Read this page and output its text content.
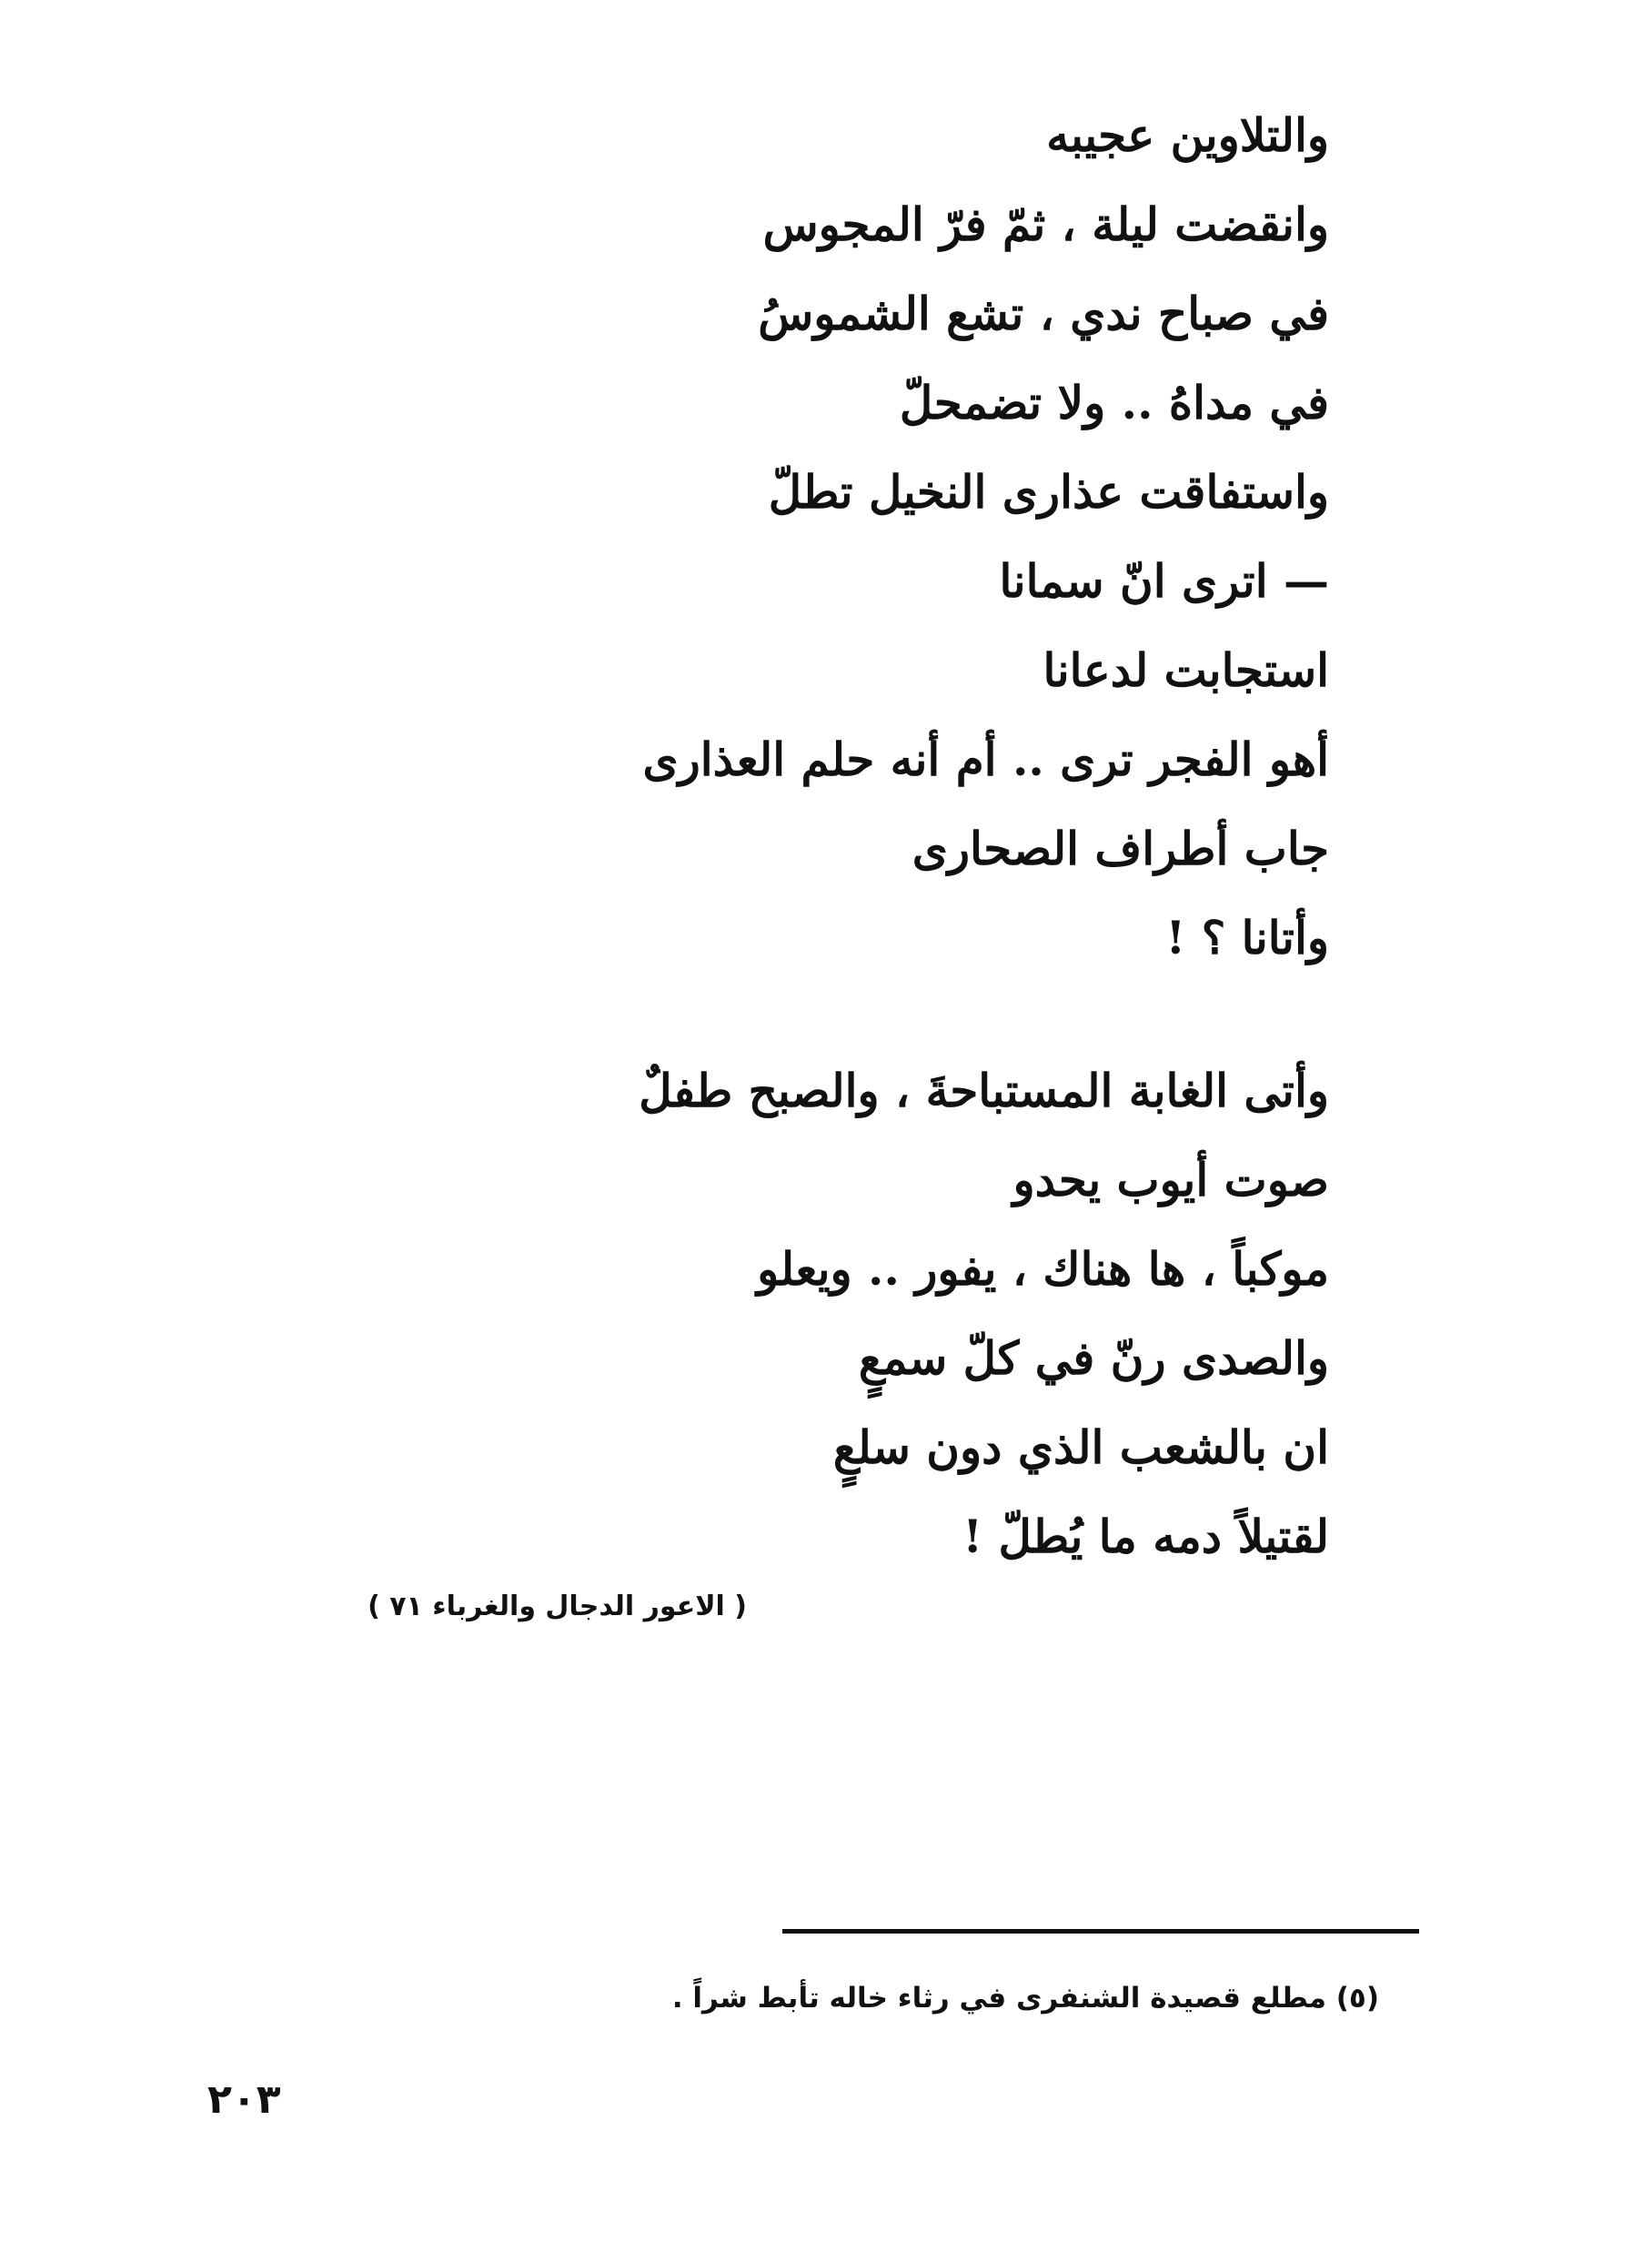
والتلاوين عجيبه
وانقضت ليلة ، ثمّ فرّ المجوس
في صباح ندي ، تشع الشموسُ
في مداهُ .. ولا تضمحلّ
واستفاقت عذارى النخيل تطلّ
— اترى انّ سمانا
استجابت لدعانا
أهو الفجر ترى .. أم أنه حلم العذارى
جاب أطراف الصحارى
وأتانا ؟ !
وأتى الغابة المستباحةَ ، والصبح طفلٌ
صوت أيوب يحدو
موكباً ، ها هناك ، يفور .. ويعلو
والصدى رنّ في كلّ سمعٍ
ان بالشعب الذي دون سلعٍ
لقتيلاً دمه ما يُطلّ !
( الاعور الدجال والغرباء ٧١ )
(٥) مطلع قصيدة الشنفرى في رثاء خاله تأبط شراً .
٢٠٣
